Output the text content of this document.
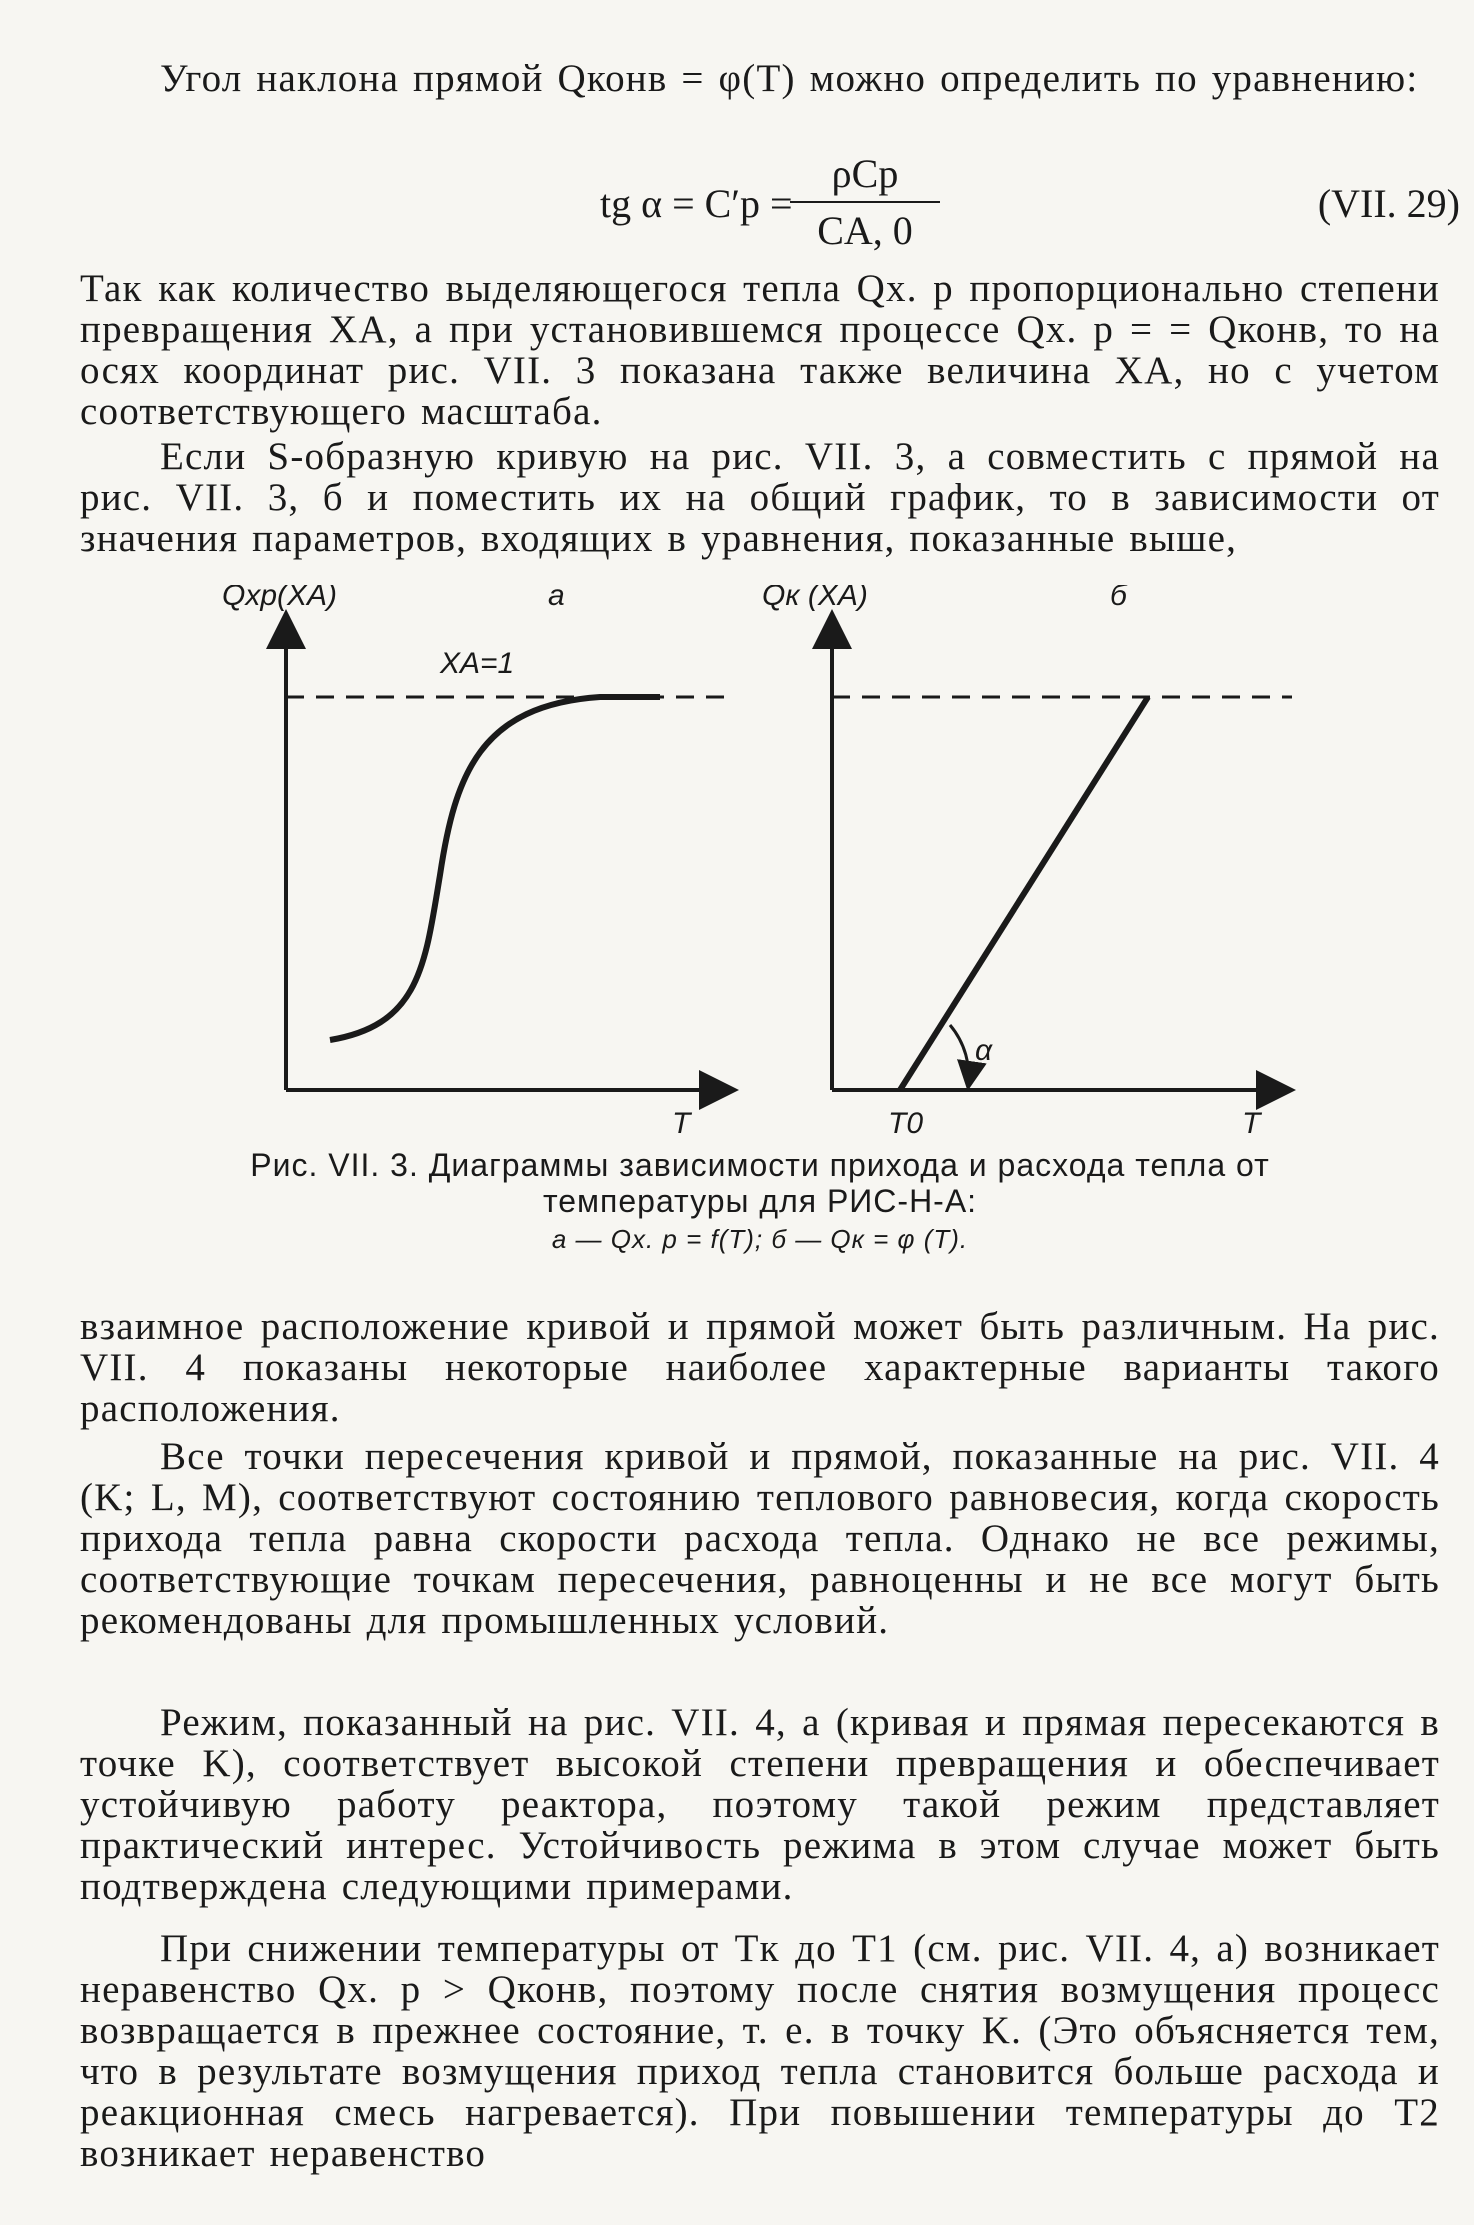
Угол наклона прямой Qконв = φ(T) можно определить по уравнению:
tg α = C′p =
ρCp
CA, 0
(VII. 29)
Так как количество выделяющегося тепла Qх. р пропорционально степени превращения XA, а при установившемся процессе Qх. р = = Qконв, то на осях координат рис. VII. 3 показана также величина XA, но с учетом соответствующего масштаба.
Если S-образную кривую на рис. VII. 3, a совместить с прямой на рис. VII. 3, б и поместить их на общий график, то в зависимости от значения параметров, входящих в уравнения, показанные выше,
Qxp(XA)	a
XA=1
T
Qк (XA)	б
α
T0	T
Рис. VII. 3. Диаграммы зависимости прихода и расхода тепла от
температуры для РИС-Н-А:
a — Qх. р = f(T); б — Qк = φ (T).
взаимное расположение кривой и прямой может быть различным. На рис. VII. 4 показаны некоторые наиболее характерные варианты такого расположения.
Все точки пересечения кривой и прямой, показанные на рис. VII. 4 (K; L, M), соответствуют состоянию теплового равновесия, когда скорость прихода тепла равна скорости расхода тепла. Однако не все режимы, соответствующие точкам пересечения, равноценны и не все могут быть рекомендованы для промышленных условий.
Режим, показанный на рис. VII. 4, a (кривая и прямая пересекаются в точке K), соответствует высокой степени превращения и обеспечивает устойчивую работу реактора, поэтому такой режим представляет практический интерес. Устойчивость режима в этом случае может быть подтверждена следующими примерами.
При снижении температуры от Tк до T1 (см. рис. VII. 4, a) возникает неравенство Qх. р > Qконв, поэтому после снятия возмущения процесс возвращается в прежнее состояние, т. е. в точку K. (Это объясняется тем, что в результате возмущения приход тепла становится больше расхода и реакционная смесь нагревается). При повышении температуры до T2 возникает неравенство
